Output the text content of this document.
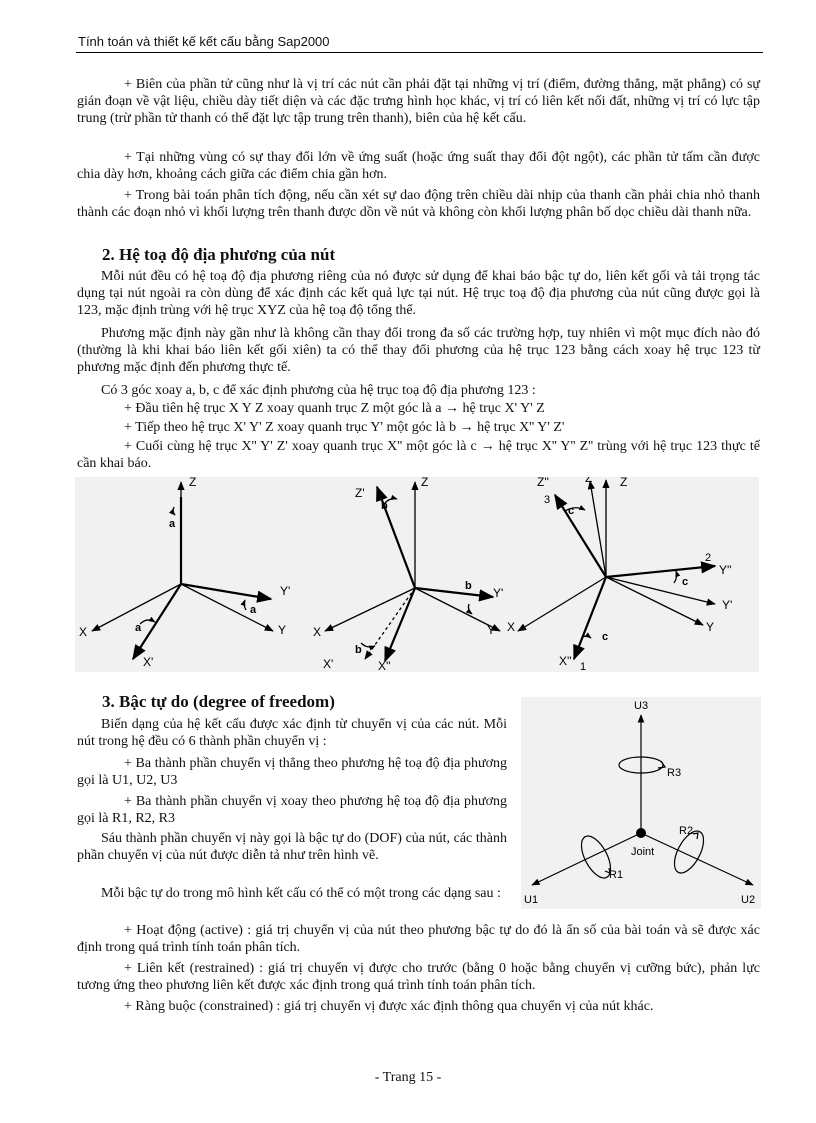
Tính toán và thiết kế kết cấu bằng Sap2000

+ Biên của phần tử cũng như là vị trí các nút cần phải đặt tại những vị trí (điểm, đường thẳng, mặt phẳng) có sự gián đoạn về vật liệu, chiều dày tiết diện và các đặc trưng hình học khác, vị trí có liên kết nối đất, những vị trí có lực tập trung (trừ phần tử thanh có thể đặt lực tập trung trên thanh), biên của hệ kết cấu.

+ Tại những vùng có sự thay đổi lớn về ứng suất (hoặc ứng suất thay đổi đột ngột), các phần tử tấm cần được chia dày hơn, khoảng cách giữa các điểm chia gần hơn.

+ Trong bài toán phân tích động, nếu cần xét sự dao động trên chiều dài nhịp của thanh cần phải chia nhỏ thanh thành các đoạn nhỏ vì khối lượng trên thanh được dồn về nút và không còn khối lượng phân bố dọc chiều dài thanh nữa.

2. Hệ toạ độ địa phương của nút

Mỗi nút đều có hệ toạ độ địa phương riêng của nó được sử dụng để khai báo bậc tự do, liên kết gối và tải trọng tác dụng tại nút ngoài ra còn dùng để xác định các kết quả lực tại nút. Hệ trục toạ độ địa phương của nút cũng được gọi là 123, mặc định trùng với hệ trục XYZ của hệ toạ độ tổng thể.

Phương mặc định này gần như là không cần thay đổi trong đa số các trường hợp, tuy nhiên vì một mục đích nào đó (thường là khi khai báo liên kết gối xiên) ta có thể thay đổi phương của hệ trục 123 bằng cách xoay hệ trục 123 từ phương mặc định đến phương thực tế.

Có 3 góc xoay a, b, c để xác định phương của hệ trục toạ độ địa phương 123 :

+ Đầu tiên hệ trục X Y Z xoay quanh trục Z một góc là a → hệ trục X' Y' Z

+ Tiếp theo hệ trục X' Y' Z xoay quanh trục Y' một góc là b → hệ trục X'' Y' Z'

+ Cuối cùng hệ trục X'' Y' Z' xoay quanh trục X'' một góc là c → hệ trục X'' Y'' Z'' trùng với hệ trục 123 thực tế cần khai báo.

Z
a
Y'
a
X	a	Y
X'
Z'
Z
b
b
Y'
b
X	Y
X'
b
X''
Z''	Z' Z
3
c
2
Y''
c
Y'
X	Y
c
X'' 1
3. Bậc tự do (degree of freedom)

Biến dạng của hệ kết cấu được xác định từ chuyển vị của các nút. Mỗi nút trong hệ đều có 6 thành phần chuyển vị :

+ Ba thành phần chuyển vị thẳng theo phương hệ toạ độ địa phương gọi là U1, U2, U3

+ Ba thành phần chuyển vị xoay theo phương hệ toạ độ địa phương gọi là R1, R2, R3

Sáu thành phần chuyển vị này gọi là bậc tự do (DOF) của nút, các thành phần chuyển vị của nút được diễn tả như trên hình vẽ.

Mỗi bậc tự do trong mô hình kết cấu có thể có một trong các dạng sau :

+ Hoạt động (active) : giá trị chuyển vị của nút theo phương bậc tự do đó là ẩn số của bài toán và sẽ được xác định trong quá trình tính toán phân tích.

+ Liên kết (restrained) : giá trị chuyển vị được cho trước (bằng 0 hoặc bằng chuyển vị cưỡng bức), phản lực tương ứng theo phương liên kết được xác định trong quá trình tính toán phân tích.

+ Ràng buộc (constrained) : giá trị chuyển vị được xác định thông qua chuyển vị của nút khác.

U3
R3
R2
Joint
R1
U1	U2
- Trang 15 -
